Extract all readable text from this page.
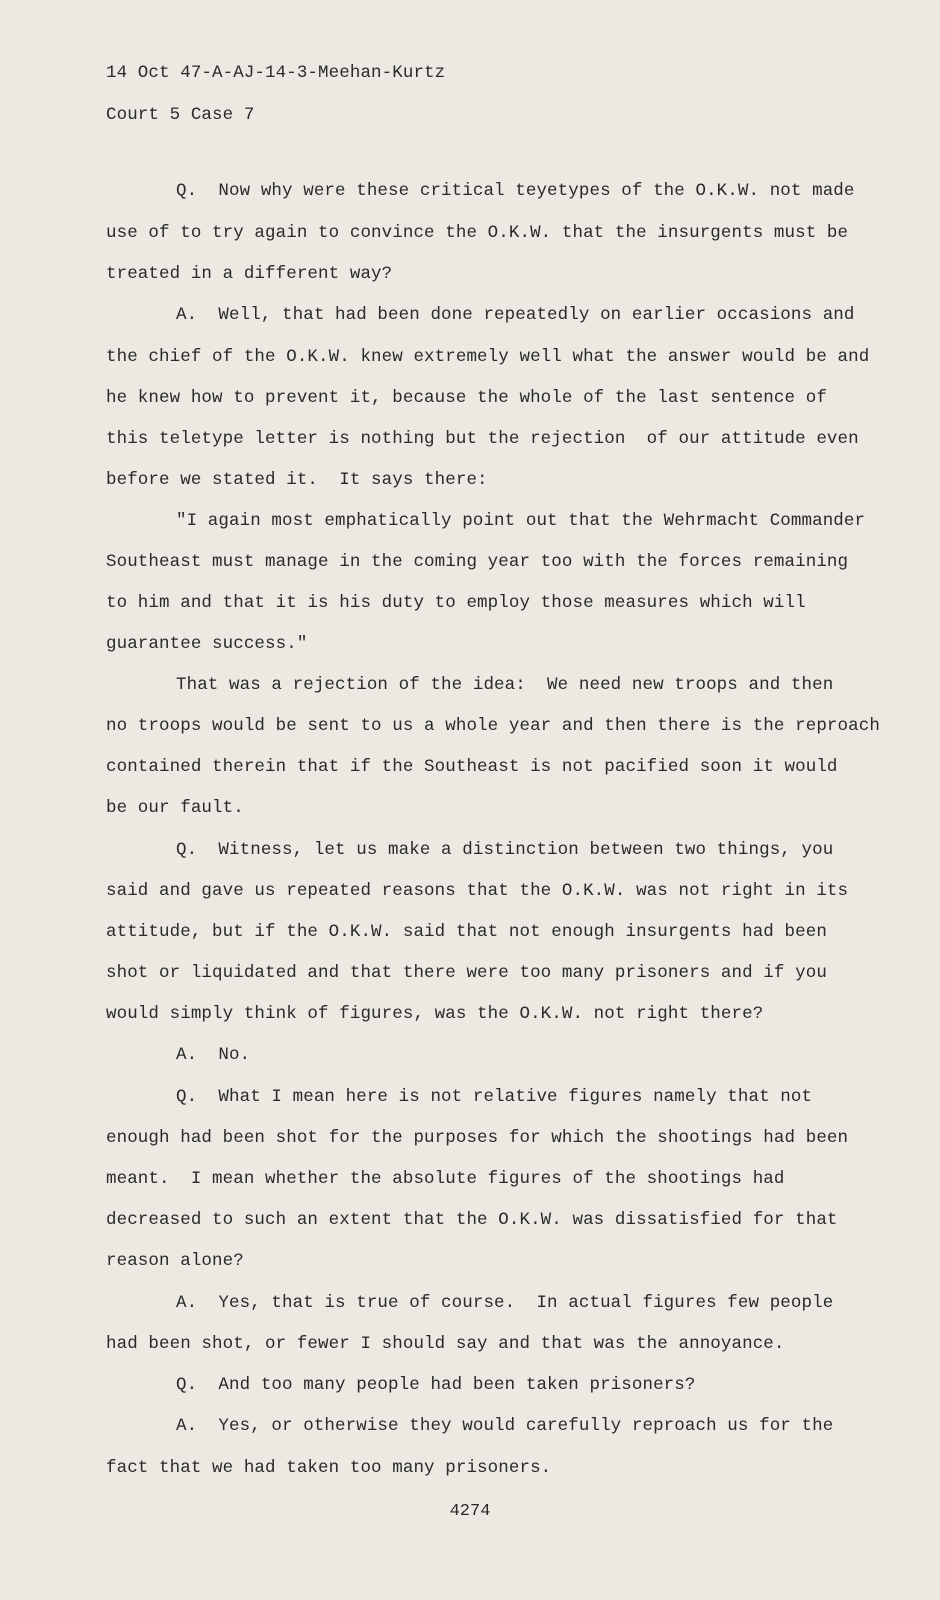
14 Oct 47-A-AJ-14-3-Meehan-Kurtz
Court 5 Case 7
Q.  Now why were these critical teyetypes of the O.K.W. not made
use of to try again to convince the O.K.W. that the insurgents must be
treated in a different way?
A.  Well, that had been done repeatedly on earlier occasions and
the chief of the O.K.W. knew extremely well what the answer would be and
he knew how to prevent it, because the whole of the last sentence of
this teletype letter is nothing but the rejection  of our attitude even
before we stated it.  It says there:
"I again most emphatically point out that the Wehrmacht Commander
Southeast must manage in the coming year too with the forces remaining
to him and that it is his duty to employ those measures which will
guarantee success."
That was a rejection of the idea:  We need new troops and then
no troops would be sent to us a whole year and then there is the reproach
contained therein that if the Southeast is not pacified soon it would
be our fault.
Q.  Witness, let us make a distinction between two things, you
said and gave us repeated reasons that the O.K.W. was not right in its
attitude, but if the O.K.W. said that not enough insurgents had been
shot or liquidated and that there were too many prisoners and if you
would simply think of figures, was the O.K.W. not right there?
A.  No.
Q.  What I mean here is not relative figures namely that not
enough had been shot for the purposes for which the shootings had been
meant.  I mean whether the absolute figures of the shootings had
decreased to such an extent that the O.K.W. was dissatisfied for that
reason alone?
A.  Yes, that is true of course.  In actual figures few people
had been shot, or fewer I should say and that was the annoyance.
Q.  And too many people had been taken prisoners?
A.  Yes, or otherwise they would carefully reproach us for the
fact that we had taken too many prisoners.
4274
